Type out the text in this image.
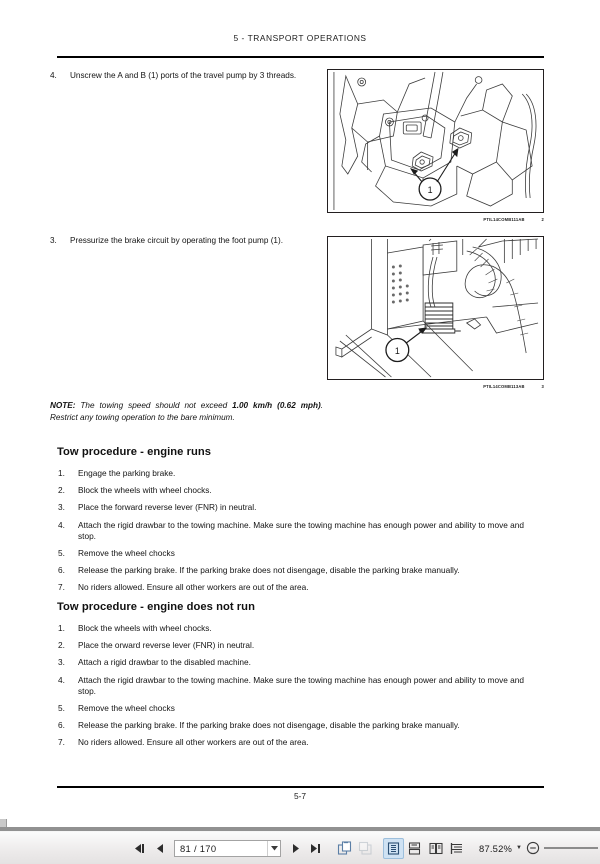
5 - TRANSPORT OPERATIONS
4.	Unscrew the A and B (1) ports of the travel pump by 3 threads.
1
PTIL14COMB111AB	2
3.	Pressurize the brake circuit by operating the foot pump (1).
1
PTIL14COMB113AB	3
NOTE: The towing speed should not exceed 1.00 km/h (0.62 mph). Restrict any towing operation to the bare minimum.
Tow procedure - engine runs
1.	Engage the parking brake.
2.	Block the wheels with wheel chocks.
3.	Place the forward reverse lever (FNR) in neutral.
4.	Attach the rigid drawbar to the towing machine. Make sure the towing machine has enough power and ability to move and stop.
5.	Remove the wheel chocks
6.	Release the parking brake. If the parking brake does not disengage, disable the parking brake manually.
7.	No riders allowed. Ensure all other workers are out of the area.
Tow procedure - engine does not run
1.	Block the wheels with wheel chocks.
2.	Place the orward reverse lever (FNR) in neutral.
3.	Attach a rigid drawbar to the disabled machine.
4.	Attach the rigid drawbar to the towing machine. Make sure the towing machine has enough power and ability to move and stop.
5.	Remove the wheel chocks
6.	Release the parking brake. If the parking brake does not disengage, disable the parking brake manually.
7.	No riders allowed. Ensure all other workers are out of the area.
5-7
81 / 170	87.52% ▼
